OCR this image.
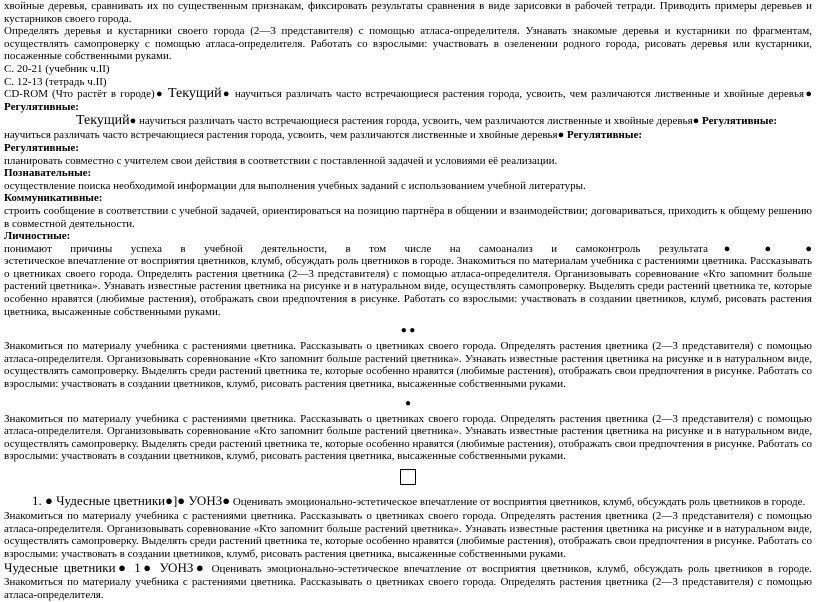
хвойные деревья, сравнивать их по существенным признакам, фиксировать результаты сравнения в виде зарисовки в рабочей тетради. Приводить примеры деревьев и кустарников своего города.

Определять деревья и кустарники своего города (2—3 представителя) с помощью атласа-определителя. Узнавать знакомые деревья и кустарники по фрагментам, осуществлять самопроверку с помощью атласа-определителя. Работать со взрослыми: участвовать в озеленении родного города, рисовать деревья или кустарники, посаженные собственными руками.

С. 20-21 (учебник ч.II)

С. 12-13 (тетрадь ч.II)

CD-ROM (Что растёт в городе)● Текущий● научиться различать часто встречающиеся растения города, усвоить, чем различаются лиственные и хвойные деревья● Регулятивные:

Текущий● научиться различать часто встречающиеся растения города, усвоить, чем различаются лиственные и хвойные деревья● Регулятивные:

научиться различать часто встречающиеся растения города, усвоить, чем различаются лиственные и хвойные деревья● Регулятивные:

Регулятивные:

планировать совместно с учителем свои действия в соответствии с поставленной задачей и условиями её реализации.

Познавательные:

осуществление поиска необходимой информации для выполнения учебных заданий с использованием учебной литературы.

Коммуникативные:

строить сообщение в соответствии с учебной задачей, ориентироваться на позицию партнёра в общении и взаимодействии; договариваться, приходить к общему решению в совместной деятельности.

Личностные:

понимают причины успеха в учебной деятельности, в том числе на самоанализ и самоконтроль результата● ● ●

эстетическое впечатление от восприятия цветников, клумб, обсуждать роль цветников в городе. Знакомиться по материалам учебника с растениями цветника. Рассказывать о цветниках своего города. Определять растения цветника (2—3 представителя) с помощью атласа-определителя. Организовывать соревнование «Кто запомнит больше растений цветника». Узнавать известные растения цветника на рисунке и в натуральном виде, осуществлять самопроверку. Выделять среди растений цветника те, которые особенно нравятся (любимые растения), отображать свои предпочтения в рисунке. Работать со взрослыми: участвовать в создании цветников, клумб, рисовать растения цветника, высаженные собственными руками.

● ●

Знакомиться по материалу учебника с растениями цветника. Рассказывать о цветниках своего города. Определять растения цветника (2—3 представителя) с помощью атласа-определителя. Организовывать соревнование «Кто запомнит больше растений цветника». Узнавать известные растения цветника на рисунке и в натуральном виде, осуществлять самопроверку. Выделять среди растений цветника те, которые особенно нравятся (любимые растения), отображать свои предпочтения в рисунке. Работать со взрослыми: участвовать в создании цветников, клумб, рисовать растения цветника, высаженные собственными руками.

●

Знакомиться по материалу учебника с растениями цветника. Рассказывать о цветниках своего города. Определять растения цветника (2—3 представителя) с помощью атласа-определителя. Организовывать соревнование «Кто запомнит больше растений цветника». Узнавать известные растения цветника на рисунке и в натуральном виде, осуществлять самопроверку. Выделять среди растений цветника те, которые особенно нравятся (любимые растения), отображать свои предпочтения в рисунке. Работать со взрослыми: участвовать в создании цветников, клумб, рисовать растения цветника, высаженные собственными руками.

1. ● Чудесные цветники●]● УОНЗ● Оценивать эмоционально-эстетическое впечатление от восприятия цветников, клумб, обсуждать роль цветников в городе.

Знакомиться по материалу учебника с растениями цветника. Рассказывать о цветниках своего города. Определять растения цветника (2—3 представителя) с помощью атласа-определителя. Организовывать соревнование «Кто запомнит больше растений цветника». Узнавать известные растения цветника на рисунке и в натуральном виде, осуществлять самопроверку. Выделять среди растений цветника те, которые особенно нравятся (любимые растения), отображать свои предпочтения в рисунке. Работать со взрослыми: участвовать в создании цветников, клумб, рисовать растения цветника, высаженные собственными руками.

Чудесные цветники● 1● УОНЗ● Оценивать эмоционально-эстетическое впечатление от восприятия цветников, клумб, обсуждать роль цветников в городе. Знакомиться по материалу учебника с растениями цветника. Рассказывать о цветниках своего города. Определять растения цветника (2—3 представителя) с помощью атласа-определителя.
